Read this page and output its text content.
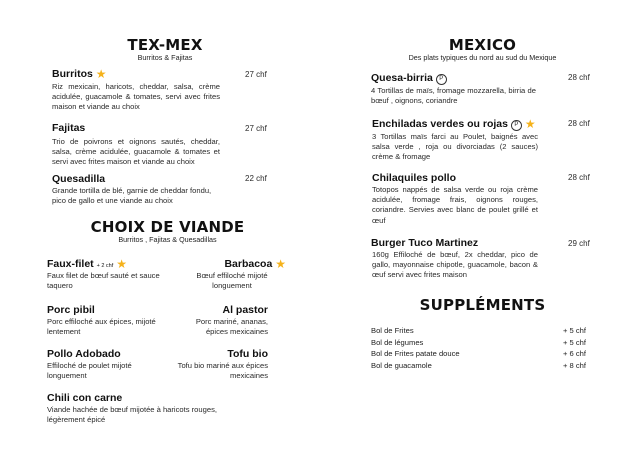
TEX-MEX
Burritos & Fajitas
Burritos ★	27 chf
Riz mexicain, haricots, cheddar, salsa, crème acidulée, guacamole & tomates, servi avec frites maison et viande au choix
Fajitas	27 chf
Trio de poivrons et oignons sautés, cheddar, salsa, crème acidulée, guacamole & tomates et servi avec frites maison et viande au choix
Quesadilla	22 chf
Grande tortilla de blé, garnie de cheddar fondu, pico de gallo et une viande au choix
CHOIX DE VIANDE
Burritos , Fajitas & Quesadillas
Faux-filet + 2 chf ★
Faux filet de bœuf sauté et sauce taquero
Barbacoa ★
Bœuf effiloché mijoté longuement
Porc pibil
Porc effiloché aux épices, mijoté lentement
Al pastor
Porc mariné, ananas, épices mexicaines
Pollo Adobado
Effiloché de poulet mijoté longuement
Tofu bio
Tofu bio mariné aux épices mexicaines
Chili con carne
Viande hachée de bœuf mijotée à haricots rouges, légèrement épicé
MEXICO
Des plats typiques du nord au sud du Mexique
Quesa-birria P	28 chf
4 Tortillas de maïs, fromage mozzarella, birria de bœuf , oignons, coriandre
Enchiladas verdes ou rojas P ★	28 chf
3 Tortillas maïs farci au Poulet, baignés avec salsa verde , roja ou divorciadas (2 sauces) crème & fromage
Chilaquiles pollo	28 chf
Totopos nappés de salsa verde ou roja crème acidulée, fromage frais, oignons rouges, coriandre. Servies avec blanc de poulet grillé et œuf
Burger Tuco Martinez	29 chf
160g Effiloché de bœuf, 2x cheddar, pico de gallo, mayonnaise chipotle, guacamole, bacon & œuf servi avec frites maison
SUPPLÉMENTS
Bol de Frites	+ 5 chf
Bol de légumes	+ 5 chf
Bol de Frites patate douce	+ 6 chf
Bol de guacamole	+ 8 chf
